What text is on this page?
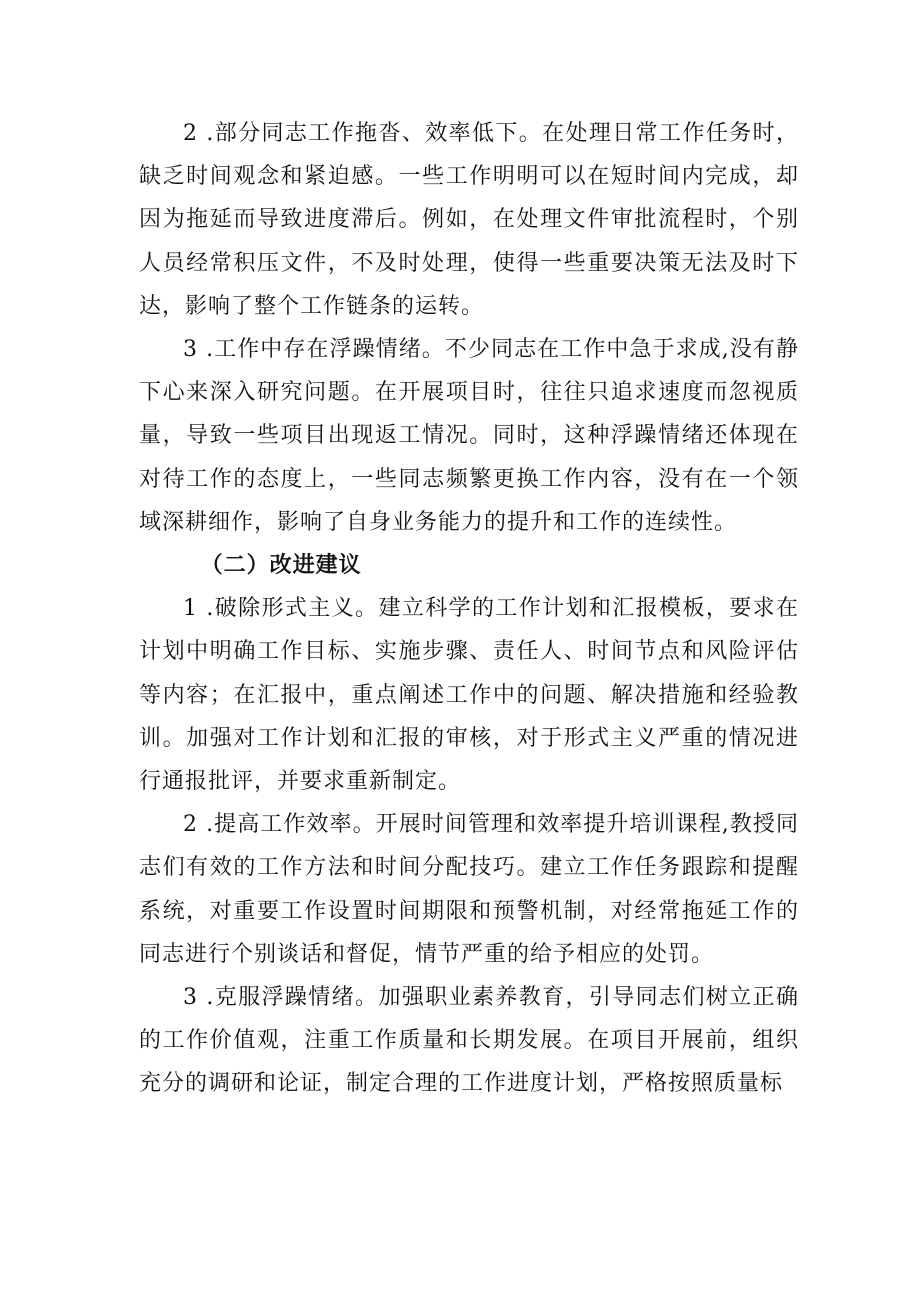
2 .部分同志工作拖沓、效率低下。在处理日常工作任务时，缺乏时间观念和紧迫感。一些工作明明可以在短时间内完成，却因为拖延而导致进度滞后。例如，在处理文件审批流程时，个别人员经常积压文件，不及时处理，使得一些重要决策无法及时下达，影响了整个工作链条的运转。

3 .工作中存在浮躁情绪。不少同志在工作中急于求成,没有静下心来深入研究问题。在开展项目时，往往只追求速度而忽视质量，导致一些项目出现返工情况。同时，这种浮躁情绪还体现在对待工作的态度上，一些同志频繁更换工作内容，没有在一个领域深耕细作，影响了自身业务能力的提升和工作的连续性。

（二）改进建议

1 .破除形式主义。建立科学的工作计划和汇报模板，要求在计划中明确工作目标、实施步骤、责任人、时间节点和风险评估等内容；在汇报中，重点阐述工作中的问题、解决措施和经验教训。加强对工作计划和汇报的审核，对于形式主义严重的情况进行通报批评，并要求重新制定。

2 .提高工作效率。开展时间管理和效率提升培训课程,教授同志们有效的工作方法和时间分配技巧。建立工作任务跟踪和提醒系统，对重要工作设置时间期限和预警机制，对经常拖延工作的同志进行个别谈话和督促，情节严重的给予相应的处罚。

3 .克服浮躁情绪。加强职业素养教育，引导同志们树立正确的工作价值观，注重工作质量和长期发展。在项目开展前，组织充分的调研和论证，制定合理的工作进度计划，严格按照质量标
